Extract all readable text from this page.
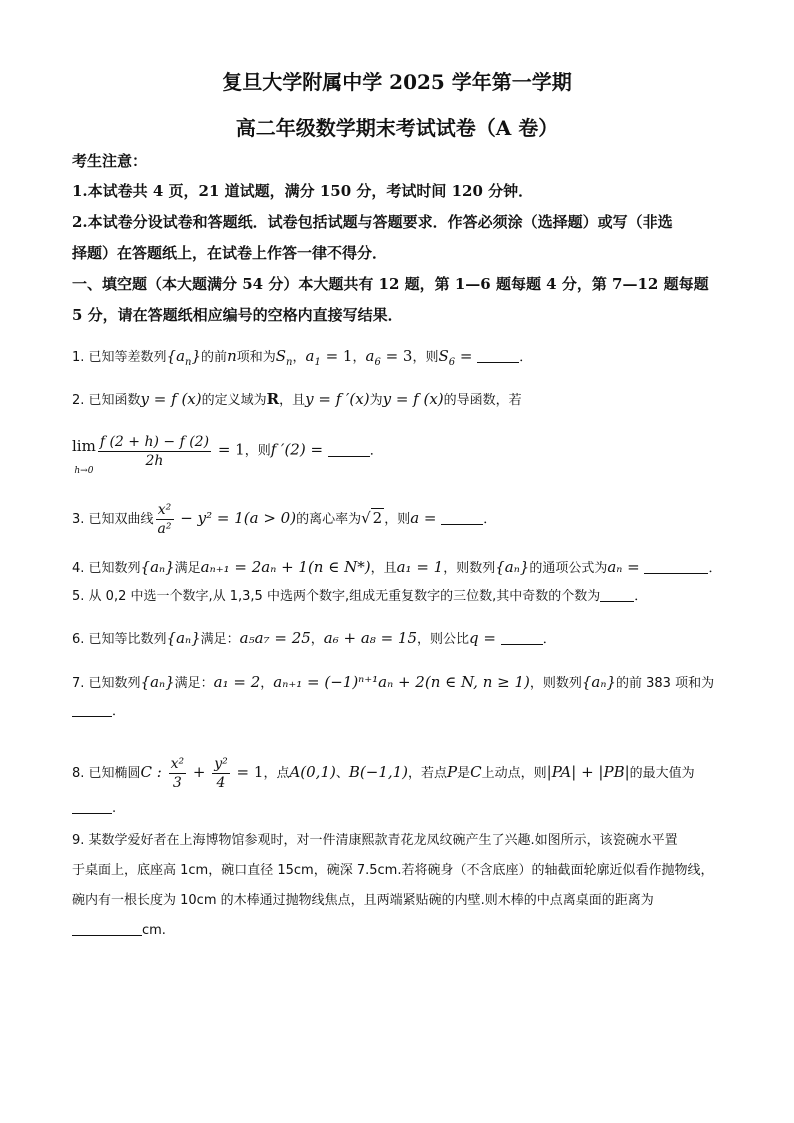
复旦大学附属中学 2025 学年第一学期
高二年级数学期末考试试卷（A 卷）
考生注意：
1.本试卷共 4 页，21 道试题，满分 150 分，考试时间 120 分钟．
2.本试卷分设试卷和答题纸．试卷包括试题与答题要求．作答必须涂（选择题）或写（非选
择题）在答题纸上，在试卷上作答一律不得分．
一、填空题（本大题满分 54 分）本大题共有 12 题，第 1—6 题每题 4 分，第 7—12 题每题
5 分，请在答题纸相应编号的空格内直接写结果．
1. 已知等差数列$\{a_n\}$的前n项和为$S_n$，$a_1 = 1$，$a_6 = 3$，则$S_6$ =	．
2. 已知函数y = f (x)的定义域为R，且y = f ′(x)为y = f (x)的导函数，若
lim
h→0
$\frac{f (2 + h) - f (2)}{2h} = 1$，则f ′(2) =	．
3. 已知双曲线 $\frac{\text{x²}}{\text{a²}} - y^2 = 1(a > 0)$的离心率为√ 2 ，则a =	．
4. 已知数列{aₙ}满足aₙ₊₁ = 2aₙ + 1(n ∈ N*)，且a₁ = 1，则数列{aₙ}的通项公式为aₙ =	．
5. 从 0,2 中选一个数字,从 1,3,5 中选两个数字,组成无重复数字的三位数,其中奇数的个数为	．
6. 已知等比数列{aₙ}满足：a₅a₇ = 25，a₆ + a₈ = 15，则公比q =	．
7. 已知数列{aₙ}满足：a₁ = 2，aₙ₊₁ = (−1)ⁿ⁺¹aₙ + 2(n ∈ N, n ≥ 1)，则数列{aₙ}的前 383 项和为
．
8. 已知椭圆C : $\frac{\text{x²}}{3} + \frac{\text{y²}}{4} = 1$，点A(0,1)、B(−1,1)，若点P是C上动点，则|PA| + |PB|的最大值为
.
9. 某数学爱好者在上海博物馆参观时，对一件清康熙款青花龙凤纹碗产生了兴趣.如图所示，该瓷碗水平置
于桌面上，底座高 1cm，碗口直径 15cm，碗深 7.5cm.若将碗身（不含底座）的轴截面轮廓近似看作抛物线，
碗内有一根长度为 10cm 的木棒通过抛物线焦点，且两端紧贴碗的内壁.则木棒的中点离桌面的距离为
cm.
